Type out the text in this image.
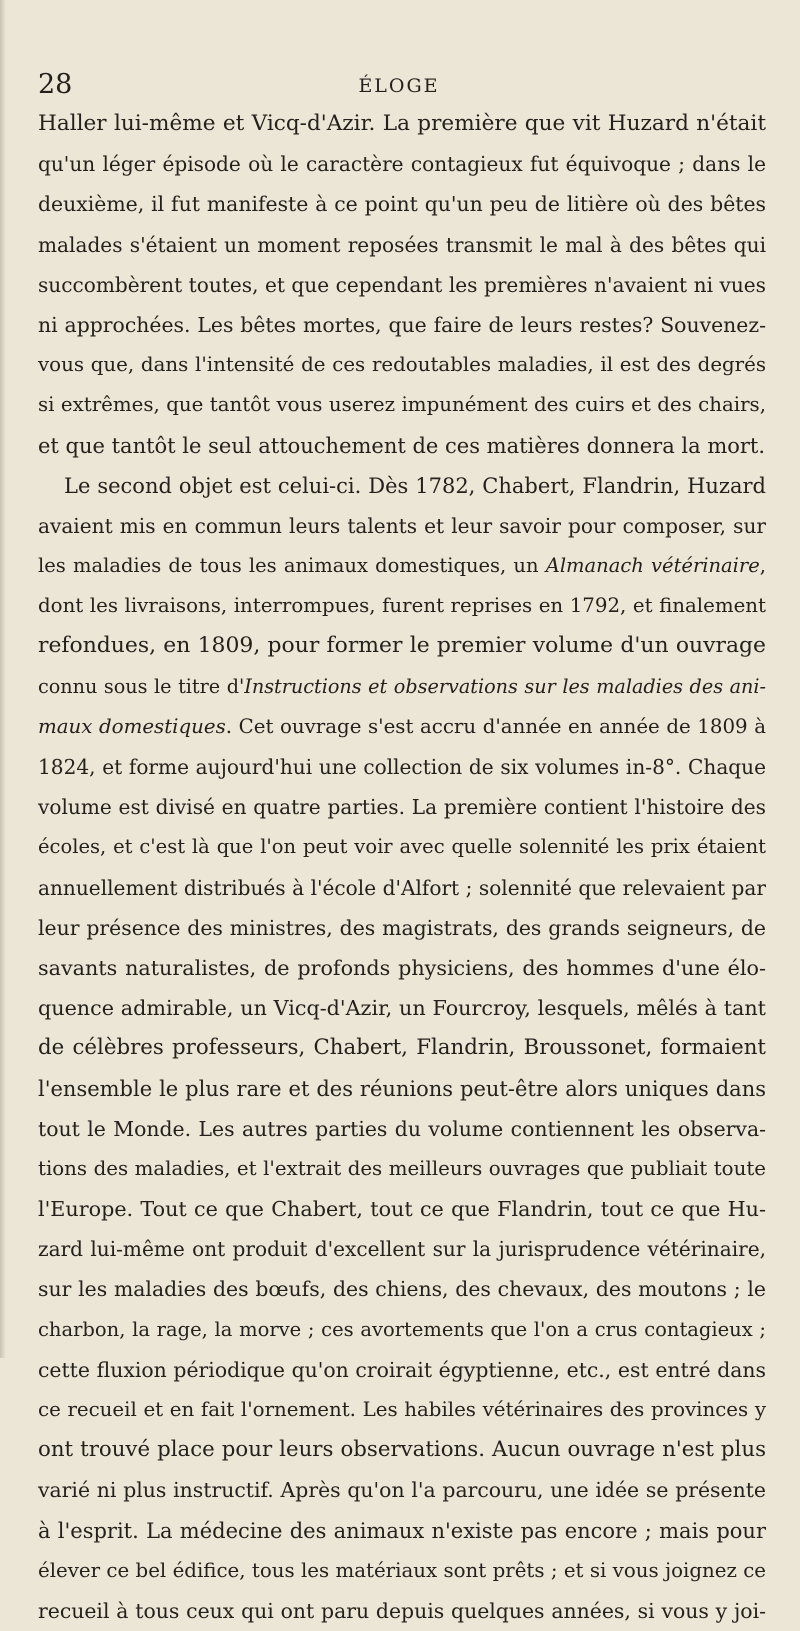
28	ÉLOGE
Haller lui-même et Vicq-d'Azir. La première que vit Huzard n'était
qu'un léger épisode où le caractère contagieux fut équivoque ; dans le
deuxième, il fut manifeste à ce point qu'un peu de litière où des bêtes
malades s'étaient un moment reposées transmit le mal à des bêtes qui
succombèrent toutes, et que cependant les premières n'avaient ni vues
ni approchées. Les bêtes mortes, que faire de leurs restes? Souvenez-
vous que, dans l'intensité de ces redoutables maladies, il est des degrés
si extrêmes, que tantôt vous userez impunément des cuirs et des chairs,
et que tantôt le seul attouchement de ces matières donnera la mort.
Le second objet est celui-ci. Dès 1782, Chabert, Flandrin, Huzard
avaient mis en commun leurs talents et leur savoir pour composer, sur
les maladies de tous les animaux domestiques, un Almanach vétérinaire,
dont les livraisons, interrompues, furent reprises en 1792, et finalement
refondues, en 1809, pour former le premier volume d'un ouvrage
connu sous le titre d'Instructions et observations sur les maladies des ani-
maux domestiques. Cet ouvrage s'est accru d'année en année de 1809 à
1824, et forme aujourd'hui une collection de six volumes in-8°. Chaque
volume est divisé en quatre parties. La première contient l'histoire des
écoles, et c'est là que l'on peut voir avec quelle solennité les prix étaient
annuellement distribués à l'école d'Alfort ; solennité que relevaient par
leur présence des ministres, des magistrats, des grands seigneurs, de
savants naturalistes, de profonds physiciens, des hommes d'une élo-
quence admirable, un Vicq-d'Azir, un Fourcroy, lesquels, mêlés à tant
de célèbres professeurs, Chabert, Flandrin, Broussonet, formaient
l'ensemble le plus rare et des réunions peut-être alors uniques dans
tout le Monde. Les autres parties du volume contiennent les observa-
tions des maladies, et l'extrait des meilleurs ouvrages que publiait toute
l'Europe. Tout ce que Chabert, tout ce que Flandrin, tout ce que Hu-
zard lui-même ont produit d'excellent sur la jurisprudence vétérinaire,
sur les maladies des bœufs, des chiens, des chevaux, des moutons ; le
charbon, la rage, la morve ; ces avortements que l'on a crus contagieux ;
cette fluxion périodique qu'on croirait égyptienne, etc., est entré dans
ce recueil et en fait l'ornement. Les habiles vétérinaires des provinces y
ont trouvé place pour leurs observations. Aucun ouvrage n'est plus
varié ni plus instructif. Après qu'on l'a parcouru, une idée se présente
à l'esprit. La médecine des animaux n'existe pas encore ; mais pour
élever ce bel édifice, tous les matériaux sont prêts ; et si vous joignez ce
recueil à tous ceux qui ont paru depuis quelques années, si vous y joi-
